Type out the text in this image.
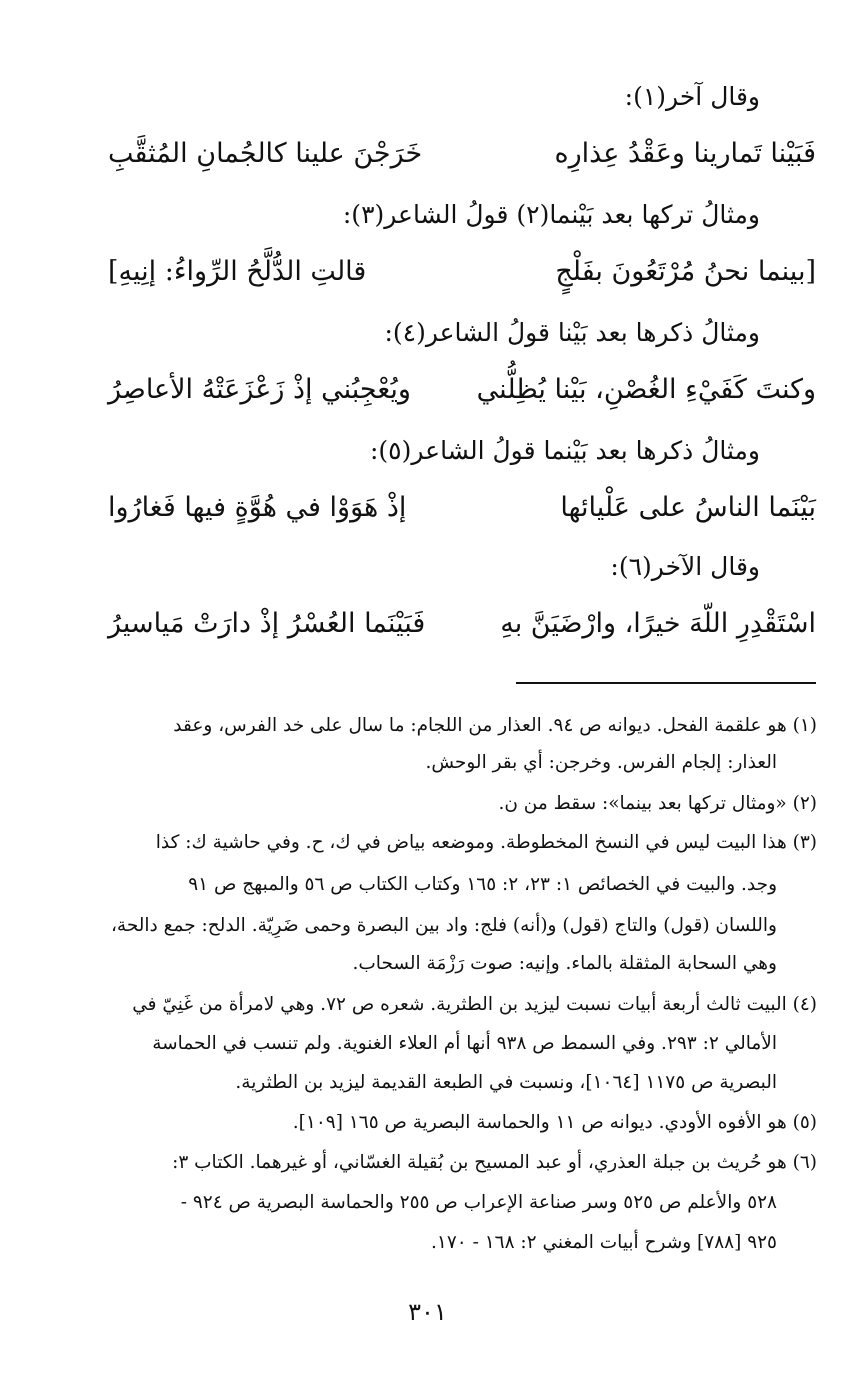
وقال آخر(١):
فَبَيْنا تَمارينا وعَقْدُ عِذارِه
خَرَجْنَ علينا كالجُمانِ المُثقَّبِ
ومثالُ تركها بعد بَيْنما(٢) قولُ الشاعر(٣):
[بينما نحنُ مُرْتَعُونَ بفَلْجٍ
قالتِ الدُّلَّحُ الرِّواءُ: إنِيهِ]
ومثالُ ذكرها بعد بَيْنا قولُ الشاعر(٤):
وكنتَ كَفَيْءِ الغُصْنِ، بَيْنا يُظِلُّني
ويُعْجِبُني إذْ زَعْزَعَتْهُ الأعاصِرُ
ومثالُ ذكرها بعد بَيْنما قولُ الشاعر(٥):
بَيْنَما الناسُ على عَلْيائها
إذْ هَوَوْا في هُوَّةٍ فيها فَغارُوا
وقال الآخر(٦):
اسْتَقْدِرِ اللّهَ خيرًا، وارْضَيَنَّ بهِ
فَبَيْنَما العُسْرُ إذْ دارَتْ مَياسيرُ
(١) هو علقمة الفحل. ديوانه ص ٩٤. العذار من اللجام: ما سال على خد الفرس، وعقد
العذار: إلجام الفرس. وخرجن: أي بقر الوحش.
(٢) «ومثال تركها بعد بينما»: سقط من ن.
(٣) هذا البيت ليس في النسخ المخطوطة. وموضعه بياض في ك، ح. وفي حاشية ك: كذا
وجد. والبيت في الخصائص ١: ٢٣، ٢: ١٦٥ وكتاب الكتاب ص ٥٦ والمبهج ص ٩١
واللسان (قول) والتاج (قول) و(أنه) فلج: واد بين البصرة وحمى ضَرِيّة. الدلح: جمع دالحة،
وهي السحابة المثقلة بالماء. وإنيه: صوت رَزْمَة السحاب.
(٤) البيت ثالث أربعة أبيات نسبت ليزيد بن الطثرية. شعره ص ٧٢. وهي لامرأة من غَنِيّ في
الأمالي ٢: ٢٩٣. وفي السمط ص ٩٣٨ أنها أم العلاء الغنوية. ولم تنسب في الحماسة
البصرية ص ١١٧٥ [١٠٦٤]، ونسبت في الطبعة القديمة ليزيد بن الطثرية.
(٥) هو الأفوه الأودي. ديوانه ص ١١ والحماسة البصرية ص ١٦٥ [١٠٩].
(٦) هو حُريث بن جبلة العذري، أو عبد المسيح بن بُقيلة الغسّاني، أو غيرهما. الكتاب ٣:
٥٢٨ والأعلم ص ٥٢٥ وسر صناعة الإعراب ص ٢٥٥ والحماسة البصرية ص ٩٢٤ -
٩٢٥ [٧٨٨] وشرح أبيات المغني ٢: ١٦٨ - ١٧٠.
٣٠١
